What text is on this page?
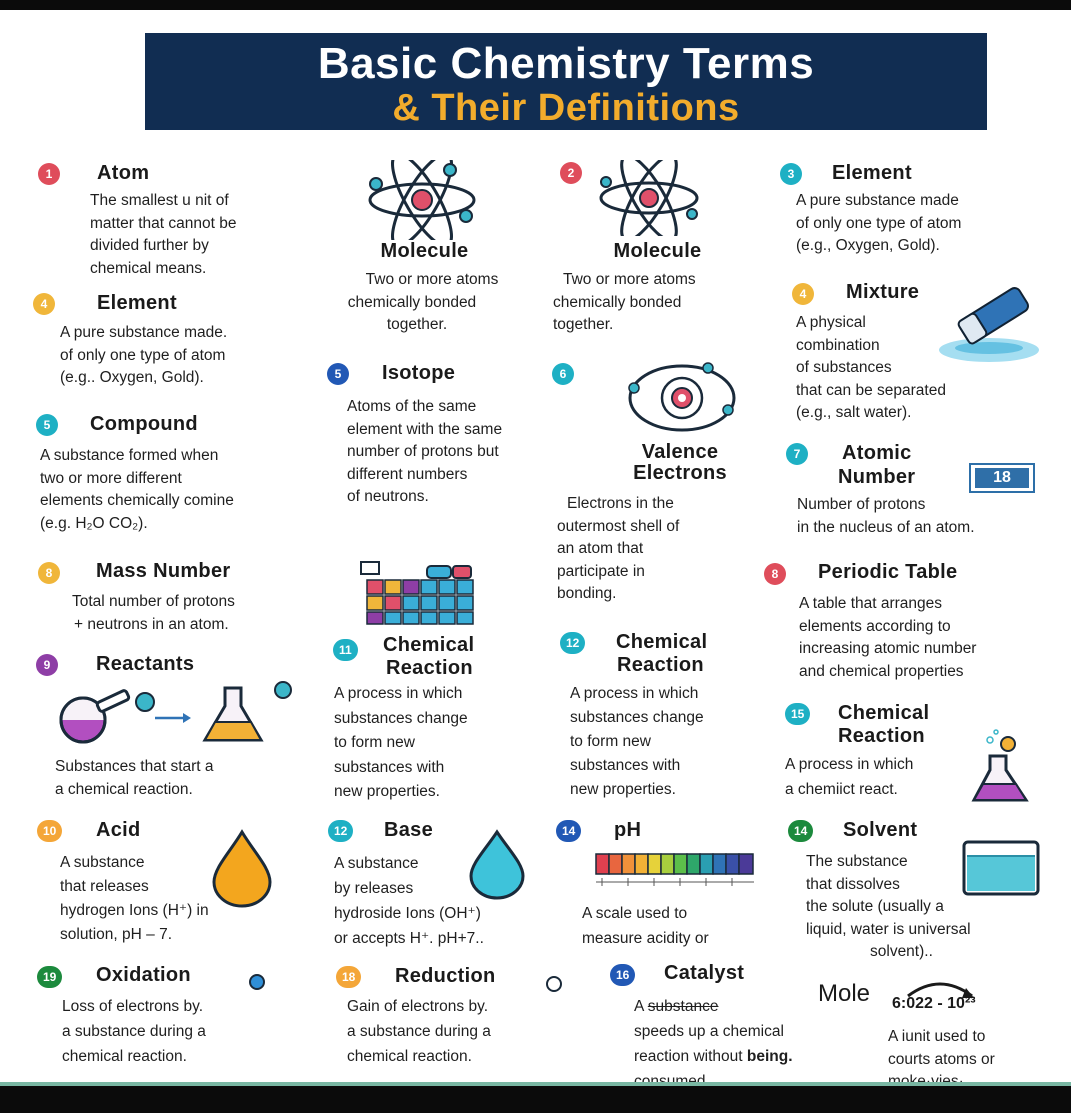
Basic Chemistry Terms
& Their Definitions
1	Atom
The smallest u nit of
matter that cannot be
divided further by
chemical means.
Molecule
Two or more atoms
chemically bonded
together.
2
Molecule
Two or more atoms
chemically bonded
together.
3	Element
A pure substance made
of only one type of atom
(e.g., Oxygen, Gold).
4	Element
A pure substance made.
of only one type of atom
(e.g.. Oxygen, Gold).
4	Mixture
A physical
combination
of substances
that can be separated
(e.g., salt water).
5	Isotope
Atoms of the same
element with the same
number of protons but
different numbers
of neutrons.
6
Valence
Electrons
Electrons in the
outermost shell of
an atom that
participate in
bonding.
5	Compound
A substance formed when
two or more different
elements chemically comine
(e.g. H₂O CO₂).
7	Atomic
Number	18
Number of protons
in the nucleus of an atom.
8	Mass Number
Total number of protons
+ neutrons in an atom.
8	Periodic Table
A table that arranges
elements according to
increasing atomic number
and chemical properties
9	Reactants
Substances that start a
a chemical reaction.
11	Chemical
Reaction
A process in which
substances change
to form new
substances with
new properties.
12	Chemical
Reaction
A process in which
substances change
to form new
substances with
new properties.
15	Chemical
Reaction
A process in which
a chemiict react.
10	Acid
A substance
that releases
hydrogen Ions (H⁺) in
solution, pH – 7.
12	Base
A substance
by releases
hydroside Ions (OH⁺)
or accepts H⁺. pH+7..
14	pH
A scale used to
measure acidity or
14	Solvent
The substance
that dissolves
the solute (usually a
liquid, water is universal
solvent)..
19	Oxidation
Loss of electrons by.
a substance during a
chemical reaction.
18	Reduction
Gain of electrons by.
a substance during a
chemical reaction.
16	Catalyst
A substance
speeds up a chemical
reaction without being.
Mole 6:022 - 10²³
A iunit used to
courts atoms or
